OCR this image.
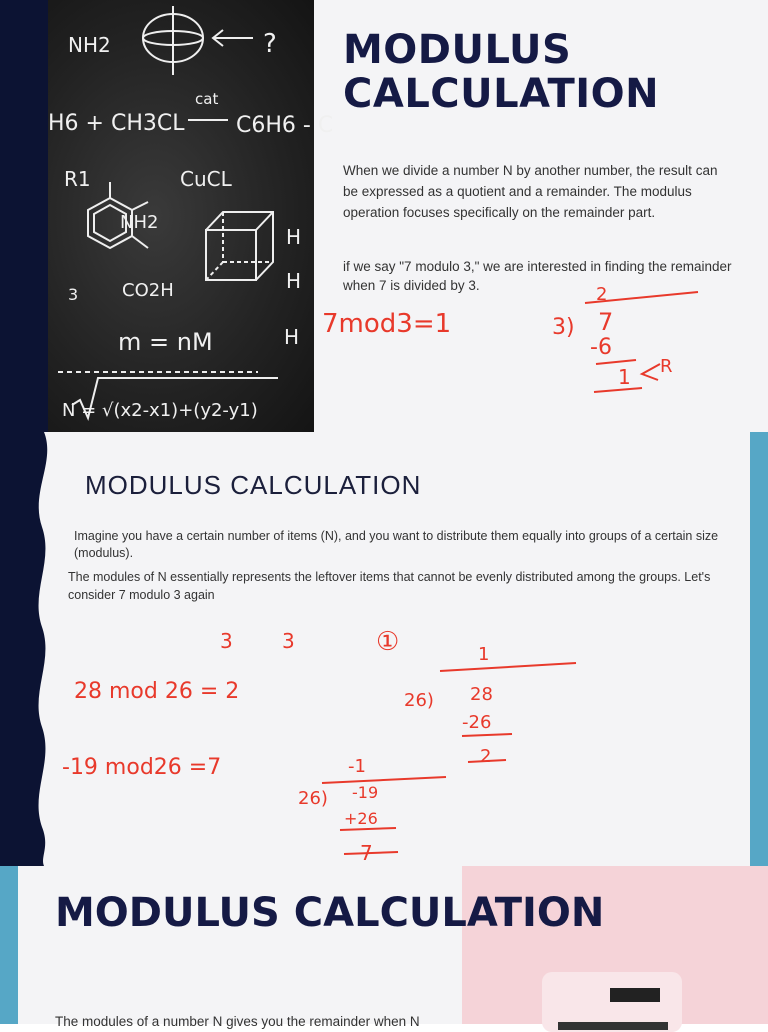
NH2	?
H6 + CH3CL
cat
C6H6 - C
R1	CuCL
NH2
H
H
3 CO2H
m = nM	H
N = √(x2-x1)+(y2-y1)
MODULUS CALCULATION

When we divide a number N by another number, the result can be expressed as a quotient and a remainder. The modulus operation focuses specifically on the remainder part.

if we say "7 modulo 3," we are interested in finding the remainder when 7 is divided by 3.

7mod3=1
2
3) 7
-6
1 R
MODULUS CALCULATION

Imagine you have a certain number of items (N), and you want to distribute them equally into groups of a certain size (modulus).

The modules of N essentially represents the leftover items that cannot be evenly distributed among the groups. Let's consider 7 modulo 3 again

3 3	①
28 mod 26 = 2
-19 mod26 =7
1
26) 28
-26
2
-1
26) -19
+26
7
MODULUS CALCULATION

The modules of a number N gives you the remainder when N
